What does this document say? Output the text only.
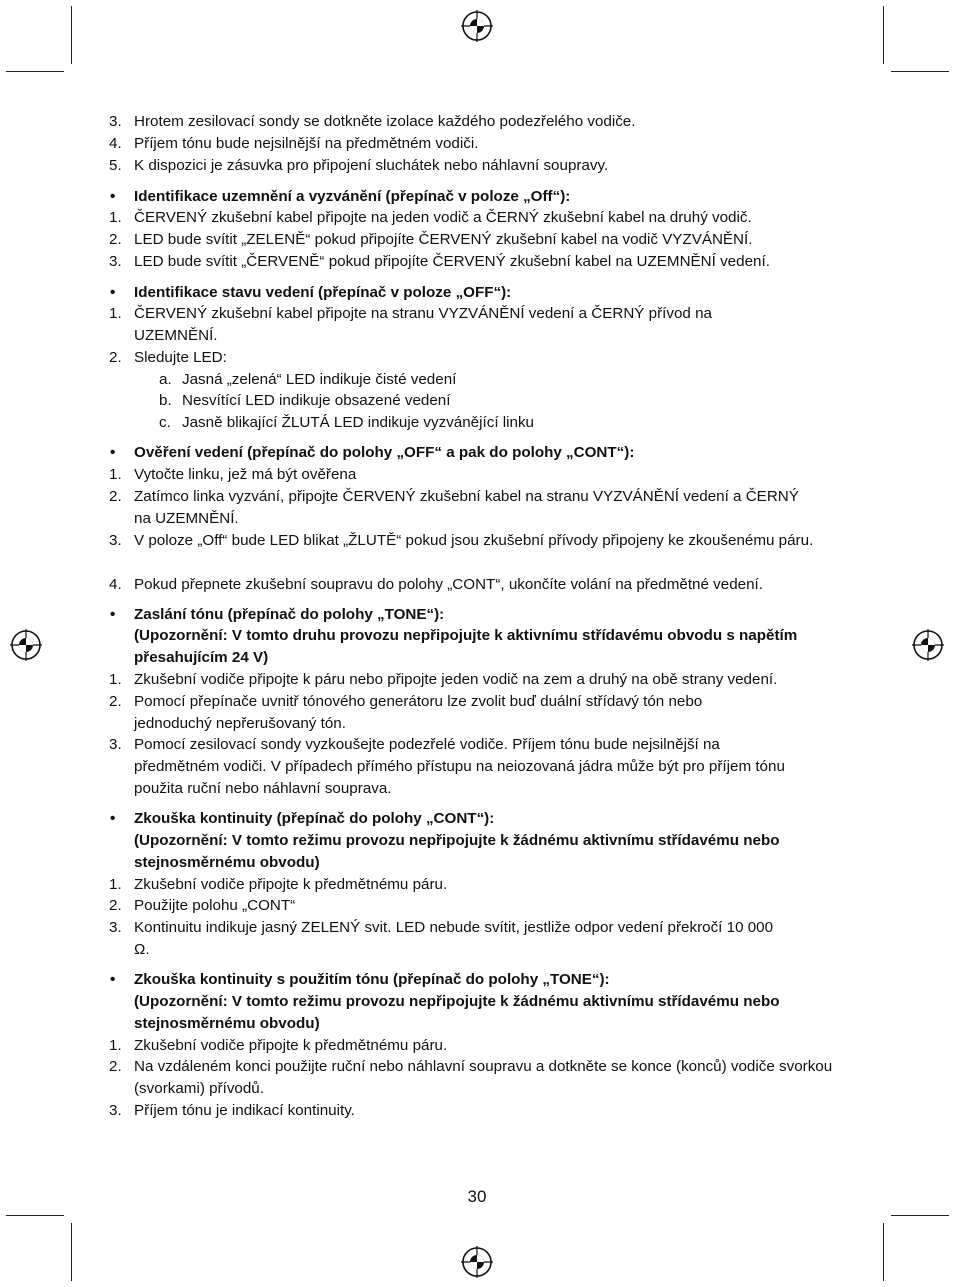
3. Hrotem zesilovací sondy se dotkněte izolace každého podezřelého vodiče.
4. Příjem tónu bude nejsilnější na předmětném vodiči.
5. K dispozici je zásuvka pro připojení sluchátek nebo náhlavní soupravy.
• Identifikace uzemnění a vyzvánění (přepínač v poloze „Off“):
1. ČERVENÝ zkušební kabel připojte na jeden vodič a ČERNÝ zkušební kabel na druhý vodič.
2. LED bude svítit „ZELENĚ“ pokud připojíte ČERVENÝ zkušební kabel na vodič VYZVÁNĚNÍ.
3. LED bude svítit „ČERVENĚ“ pokud připojíte ČERVENÝ zkušební kabel na UZEMNĚNÍ vedení.
• Identifikace stavu vedení (přepínač v poloze „OFF“):
1. ČERVENÝ zkušební kabel připojte na stranu VYZVÁNĚNÍ vedení a ČERNÝ přívod na UZEMNĚNÍ.
2. Sledujte LED:
a. Jasná „zelená“ LED indikuje čisté vedení
b. Nesvítící LED indikuje obsazené vedení
c. Jasně blikající ŽLUTÁ LED indikuje vyzvánějící linku
• Ověření vedení (přepínač do polohy „OFF“ a pak do polohy „CONT“):
1. Vytočte linku, jež má být ověřena
2. Zatímco linka vyzvání, připojte ČERVENÝ zkušební kabel na stranu VYZVÁNĚNÍ vedení a ČERNÝ na UZEMNĚNÍ.
3. V poloze „Off“ bude LED blikat „ŽLUTĚ“ pokud jsou zkušební přívody připojeny ke zkoušenému páru.
4. Pokud přepnete zkušební soupravu do polohy „CONT“, ukončíte volání na předmětné vedení.
• Zaslání tónu (přepínač do polohy „TONE“):
(Upozornění: V tomto druhu provozu nepřipojujte k aktivnímu střídavému obvodu s napětím přesahujícím 24 V)
1. Zkušební vodiče připojte k páru nebo připojte jeden vodič na zem a druhý na obě strany vedení.
2. Pomocí přepínače uvnitř tónového generátoru lze zvolit buď duální střídavý tón nebo jednoduchý nepřerušovaný tón.
3. Pomocí zesilovací sondy vyzkoušejte podezřelé vodiče. Příjem tónu bude nejsilnější na předmětném vodiči. V případech přímého přístupu na neiozovaná jádra může být pro příjem tónu použita ruční nebo náhlavní souprava.
• Zkouška kontinuity (přepínač do polohy „CONT“):
(Upozornění: V tomto režimu provozu nepřipojujte k žádnému aktivnímu střídavému nebo stejnosměrnému obvodu)
1. Zkušební vodiče připojte k předmětnému páru.
2. Použijte polohu „CONT“
3. Kontinuitu indikuje jasný ZELENÝ svit. LED nebude svítit, jestliže odpor vedení překročí 10 000 Ω.
• Zkouška kontinuity s použitím tónu (přepínač do polohy „TONE“):
(Upozornění: V tomto režimu provozu nepřipojujte k žádnému aktivnímu střídavému nebo stejnosměrnému obvodu)
1. Zkušební vodiče připojte k předmětnému páru.
2. Na vzdáleném konci použijte ruční nebo náhlavní soupravu a dotkněte se konce (konců) vodiče svorkou (svorkami) přívodů.
3. Příjem tónu je indikací kontinuity.
30
